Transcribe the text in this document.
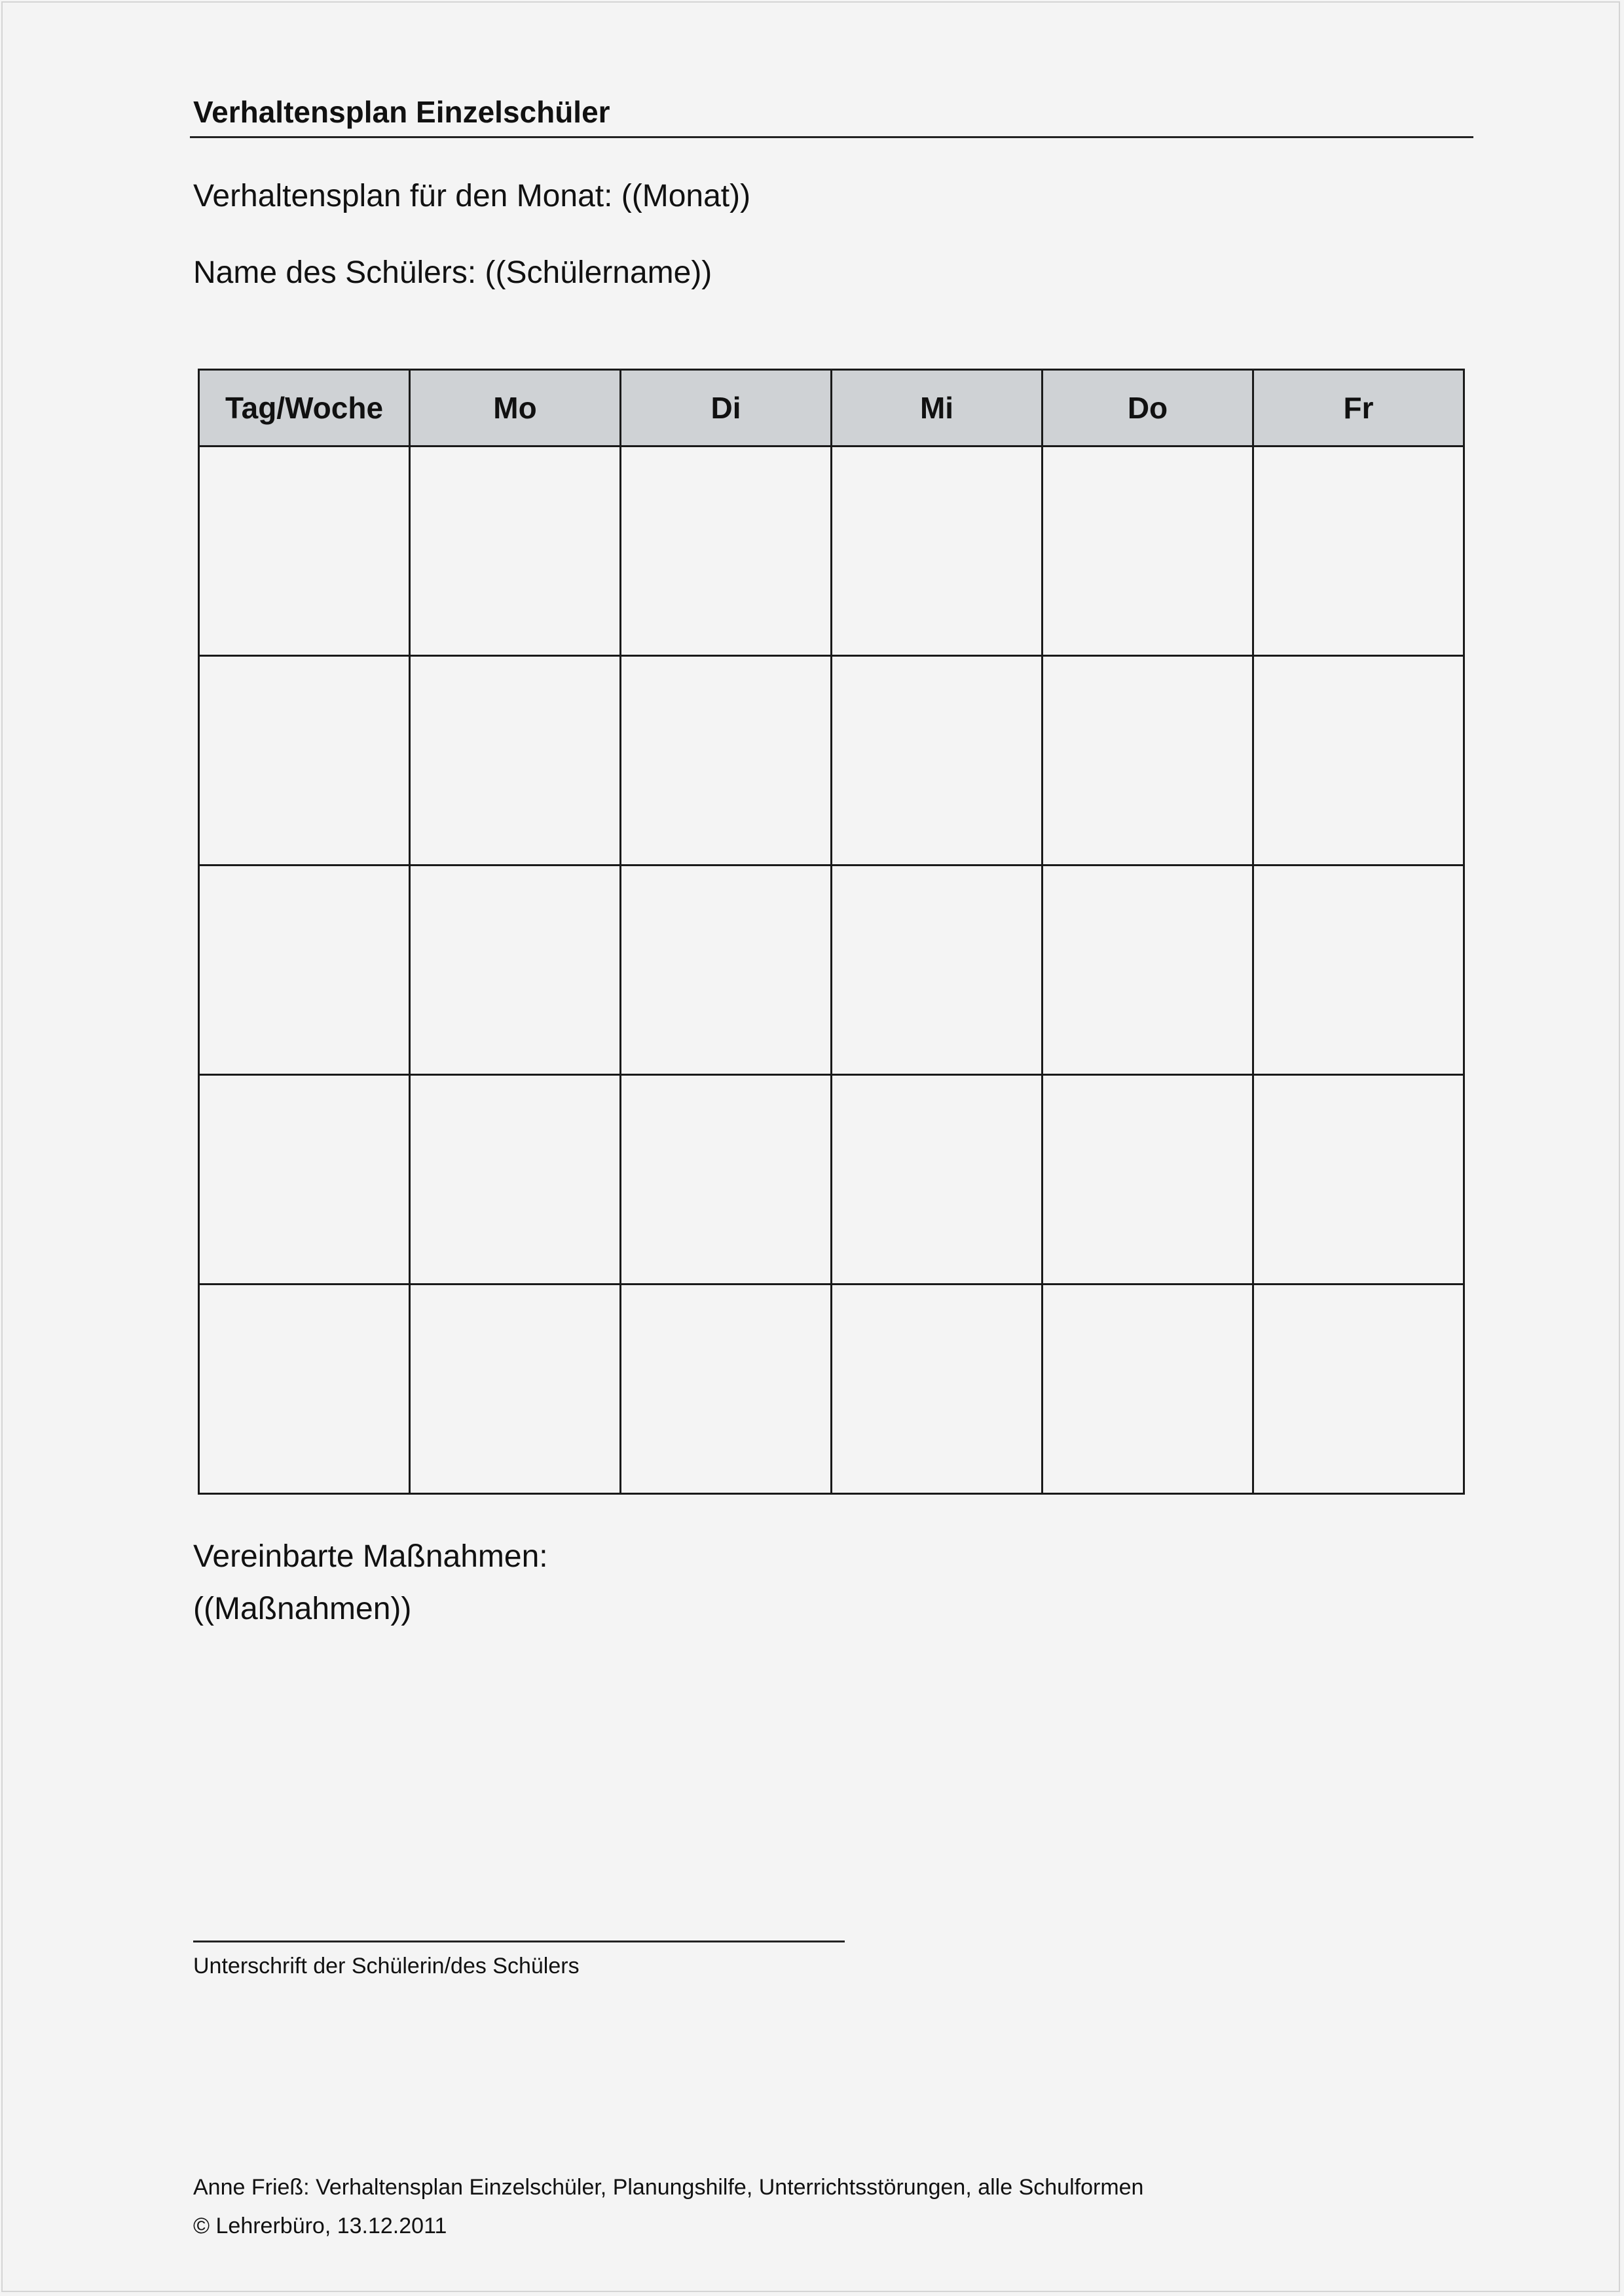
Verhaltensplan Einzelschüler
Verhaltensplan für den Monat: ((Monat))
Name des Schülers: ((Schülername))
Tag/Woche	Mo	Di	Mi	Do	Fr

Vereinbarte Maßnahmen:
((Maßnahmen))
Unterschrift der Schülerin/des Schülers
Anne Frieß: Verhaltensplan Einzelschüler, Planungshilfe, Unterrichtsstörungen, alle Schulformen
© Lehrerbüro, 13.12.2011
